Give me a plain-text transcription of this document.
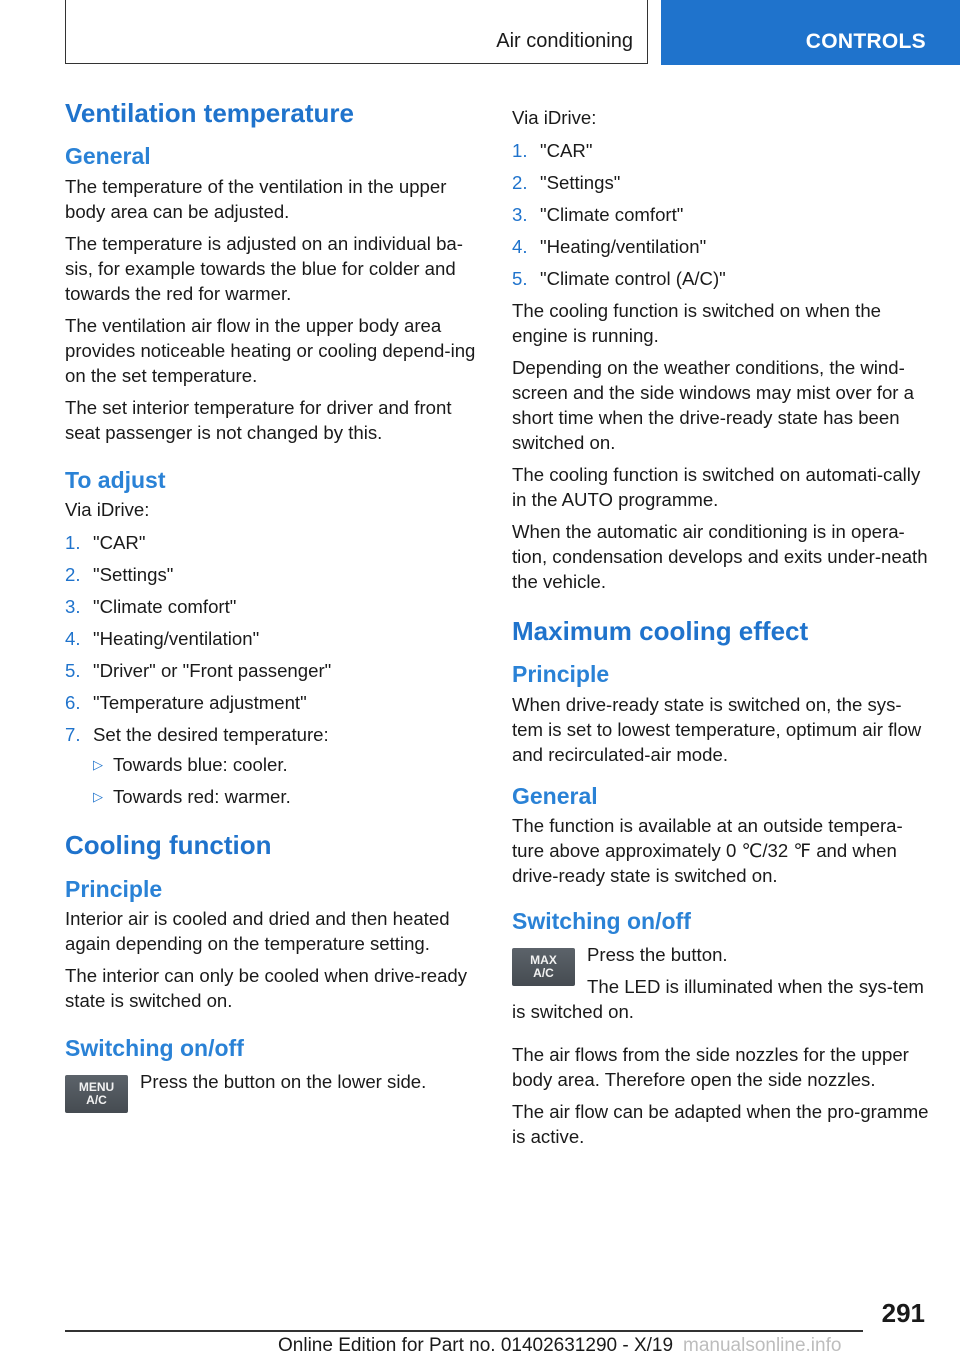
Air conditioning	CONTROLS
Ventilation temperature
General

The temperature of the ventilation in the upper body area can be adjusted.

The temperature is adjusted on an individual ba-sis, for example towards the blue for colder and towards the red for warmer.

The ventilation air flow in the upper body area provides noticeable heating or cooling depend-ing on the set temperature.

The set interior temperature for driver and front seat passenger is not changed by this.

To adjust

Via iDrive:

1. "CAR"
2. "Settings"
3. "Climate comfort"
4. "Heating/ventilation"
5. "Driver" or "Front passenger"
6. "Temperature adjustment"
7. Set the desired temperature:
▷ Towards blue: cooler.
▷ Towards red: warmer.
Cooling function
Principle

Interior air is cooled and dried and then heated again depending on the temperature setting.

The interior can only be cooled when drive-ready state is switched on.

Switching on/off
MENU
A/C

Press the button on the lower side.

Via iDrive:

1. "CAR"
2. "Settings"
3. "Climate comfort"
4. "Heating/ventilation"
5. "Climate control (A/C)"

The cooling function is switched on when the engine is running.

Depending on the weather conditions, the wind-screen and the side windows may mist over for a short time when the drive-ready state has been switched on.

The cooling function is switched on automati-cally in the AUTO programme.

When the automatic air conditioning is in opera-tion, condensation develops and exits under-neath the vehicle.

Maximum cooling effect
Principle

When drive-ready state is switched on, the sys-tem is set to lowest temperature, optimum air flow and recirculated-air mode.

General

The function is available at an outside tempera-ture above approximately 0 ℃/32 ℉ and when drive-ready state is switched on.

Switching on/off
MAX
A/C

Press the button.

The LED is illuminated when the sys-tem is switched on.

The air flows from the side nozzles for the upper body area. Therefore open the side nozzles.

The air flow can be adapted when the pro-gramme is active.

291
Online Edition for Part no. 01402631290 - X/19 manualsonline.info
